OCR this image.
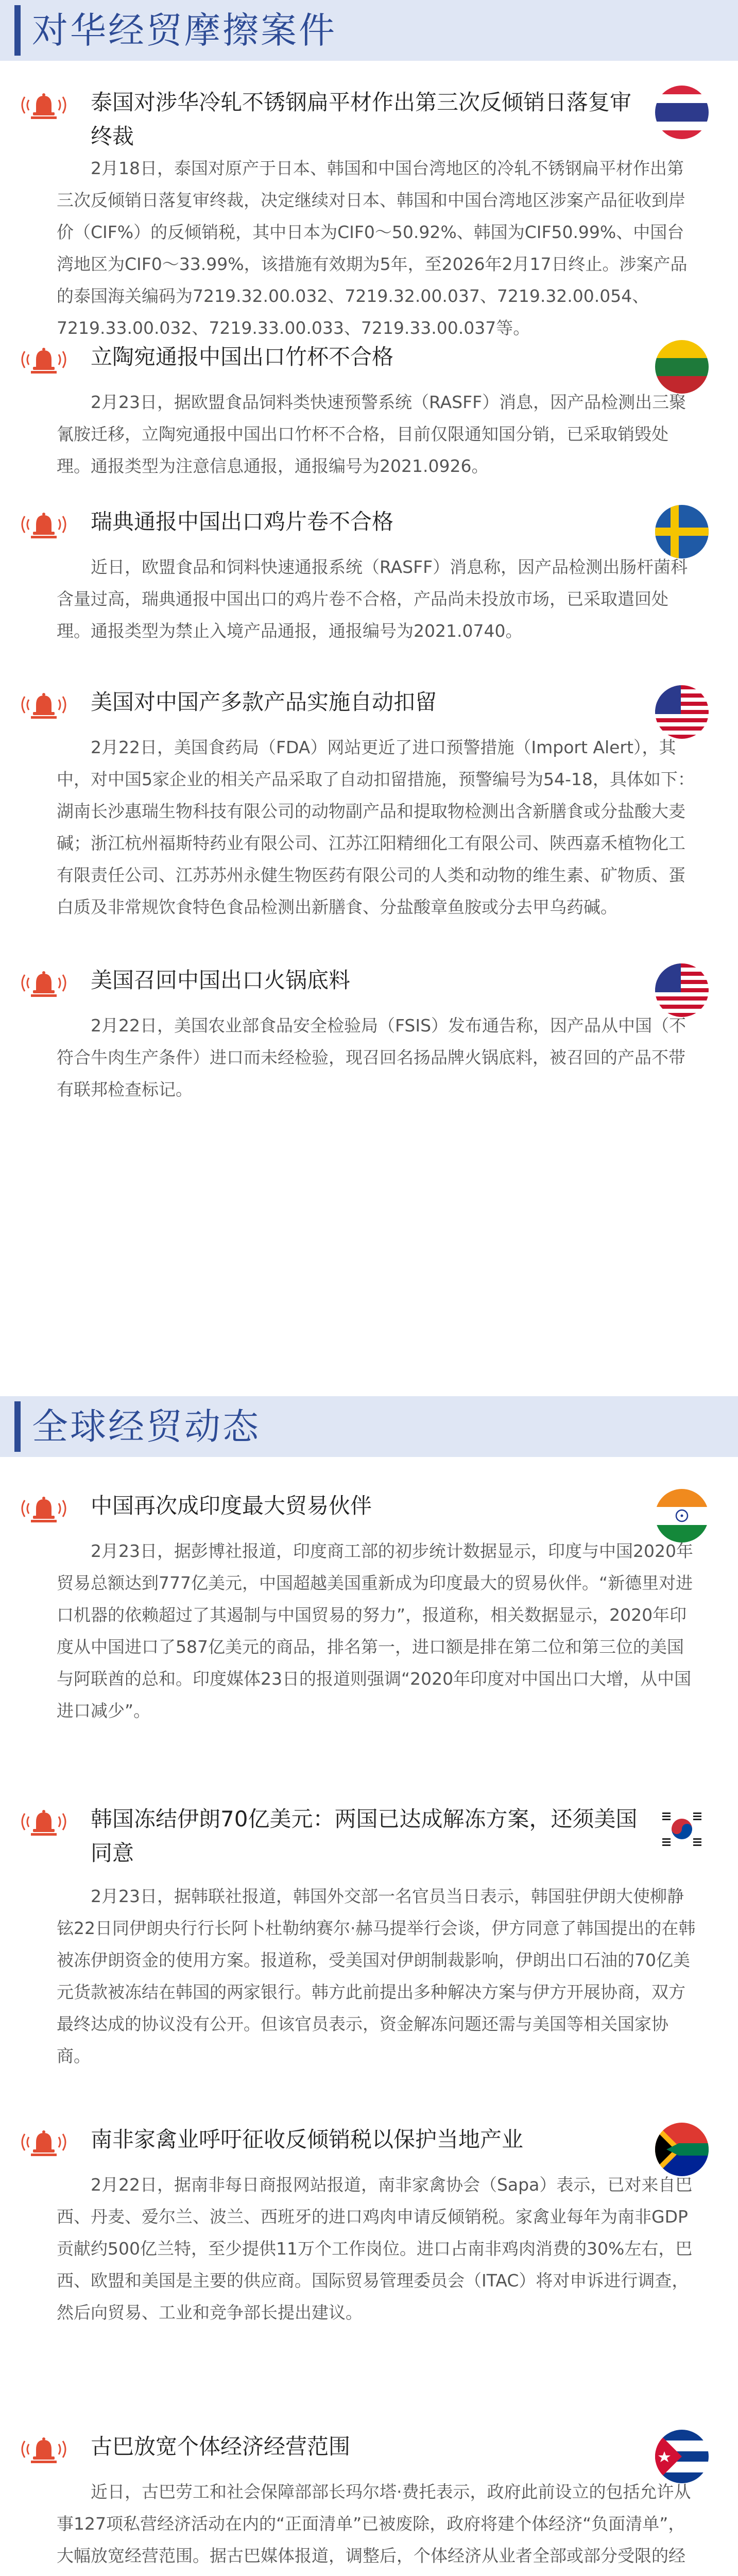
对华经贸摩擦案件
泰国对涉华冷轧不锈钢扁平材作出第三次反倾销日落复审终裁

2月18日，泰国对原产于日本、韩国和中国台湾地区的冷轧不锈钢扁平材作出第三次反倾销日落复审终裁，决定继续对日本、韩国和中国台湾地区涉案产品征收到岸价（CIF%）的反倾销税，其中日本为CIF0～50.92%、韩国为CIF50.99%、中国台湾地区为CIF0～33.99%，该措施有效期为5年，至2026年2月17日终止。涉案产品的泰国海关编码为7219.32.00.032、7219.32.00.037、7219.32.00.054、7219.33.00.032、7219.33.00.033、7219.33.00.037等。

立陶宛通报中国出口竹杯不合格

2月23日，据欧盟食品饲料类快速预警系统（RASFF）消息，因产品检测出三聚氰胺迁移，立陶宛通报中国出口竹杯不合格，目前仅限通知国分销，已采取销毁处理。通报类型为注意信息通报，通报编号为2021.0926。

瑞典通报中国出口鸡片卷不合格

近日，欧盟食品和饲料快速通报系统（RASFF）消息称，因产品检测出肠杆菌科含量过高，瑞典通报中国出口的鸡片卷不合格，产品尚未投放市场，已采取遣回处理。通报类型为禁止入境产品通报，通报编号为2021.0740。

美国对中国产多款产品实施自动扣留

2月22日，美国食药局（FDA）网站更近了进口预警措施（Import Alert），其中，对中国5家企业的相关产品采取了自动扣留措施，预警编号为54-18，具体如下：湖南长沙惠瑞生物科技有限公司的动物副产品和提取物检测出含新膳食或分盐酸大麦碱；浙江杭州福斯特药业有限公司、江苏江阳精细化工有限公司、陕西嘉禾植物化工有限责任公司、江苏苏州永健生物医药有限公司的人类和动物的维生素、矿物质、蛋白质及非常规饮食特色食品检测出新膳食、分盐酸章鱼胺或分去甲乌药碱。

美国召回中国出口火锅底料

2月22日，美国农业部食品安全检验局（FSIS）发布通告称，因产品从中国（不符合牛肉生产条件）进口而未经检验，现召回名扬品牌火锅底料，被召回的产品不带有联邦检查标记。

全球经贸动态
中国再次成印度最大贸易伙伴

2月23日，据彭博社报道，印度商工部的初步统计数据显示，印度与中国2020年贸易总额达到777亿美元，中国超越美国重新成为印度最大的贸易伙伴。“新德里对进口机器的依赖超过了其遏制与中国贸易的努力”，报道称，相关数据显示，2020年印度从中国进口了587亿美元的商品，排名第一，进口额是排在第二位和第三位的美国与阿联酋的总和。印度媒体23日的报道则强调“2020年印度对中国出口大增，从中国进口减少”。

韩国冻结伊朗70亿美元：两国已达成解冻方案，还须美国同意

2月23日，据韩联社报道，韩国外交部一名官员当日表示，韩国驻伊朗大使柳静铉22日同伊朗央行行长阿卜杜勒纳赛尔·赫马提举行会谈，伊方同意了韩国提出的在韩被冻伊朗资金的使用方案。报道称，受美国对伊朗制裁影响，伊朗出口石油的70亿美元货款被冻结在韩国的两家银行。韩方此前提出多种解决方案与伊方开展协商，双方最终达成的协议没有公开。但该官员表示，资金解冻问题还需与美国等相关国家协商。

南非家禽业呼吁征收反倾销税以保护当地产业

2月22日，据南非每日商报网站报道，南非家禽协会（Sapa）表示，已对来自巴西、丹麦、爱尔兰、波兰、西班牙的进口鸡肉申请反倾销税。家禽业每年为南非GDP贡献约500亿兰特，至少提供11万个工作岗位。进口占南非鸡肉消费的30%左右，巴西、欧盟和美国是主要的供应商。国际贸易管理委员会（ITAC）将对申诉进行调查，然后向贸易、工业和竞争部长提出建议。

古巴放宽个体经济经营范围

近日，古巴劳工和社会保障部部长玛尔塔·费托表示，政府此前设立的包括允许从事127项私营经济活动在内的“正面清单”已被废除，政府将建个体经济“负面清单”，大幅放宽经营范围。据古巴媒体报道，调整后，个体经济从业者全部或部分受限的经
